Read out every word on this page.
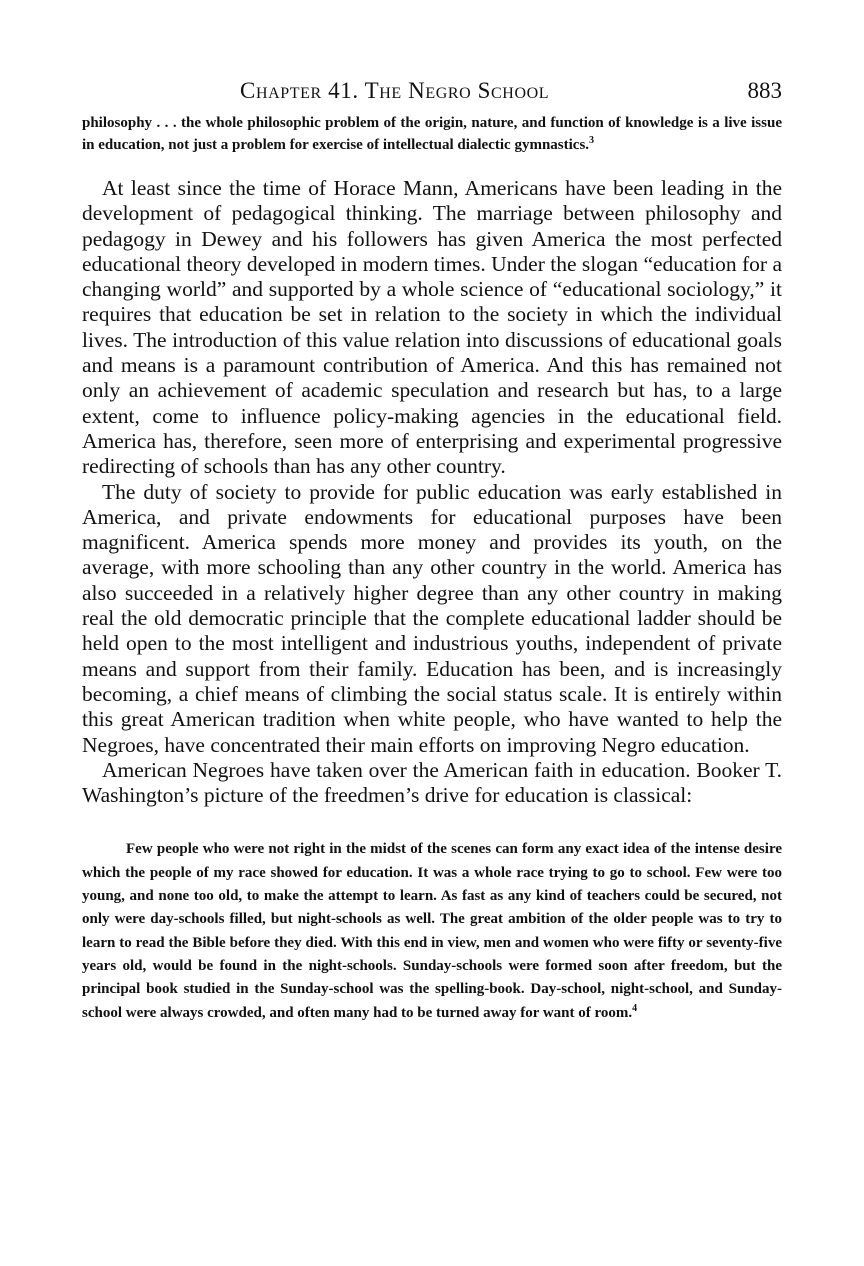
Chapter 41. The Negro School	883

philosophy . . . the whole philosophic problem of the origin, nature, and function of knowledge is a live issue in education, not just a problem for exercise of intellectual dialectic gymnastics.$^3$

At least since the time of Horace Mann, Americans have been leading in the development of pedagogical thinking. The marriage between philosophy and pedagogy in Dewey and his followers has given America the most perfected educational theory developed in modern times. Under the slogan “education for a changing world” and supported by a whole science of “educational sociology,” it requires that education be set in relation to the society in which the individual lives. The introduction of this value relation into discussions of educational goals and means is a paramount contribution of America. And this has remained not only an achievement of academic speculation and research but has, to a large extent, come to influence policy-making agencies in the educational field. America has, therefore, seen more of enterprising and experimental progressive redirecting of schools than has any other country.

The duty of society to provide for public education was early established in America, and private endowments for educational purposes have been magnificent. America spends more money and provides its youth, on the average, with more schooling than any other country in the world. America has also succeeded in a relatively higher degree than any other country in making real the old democratic principle that the complete educational ladder should be held open to the most intelligent and industrious youths, independent of private means and support from their family. Education has been, and is increasingly becoming, a chief means of climbing the social status scale. It is entirely within this great American tradition when white people, who have wanted to help the Negroes, have concentrated their main efforts on improving Negro education.

American Negroes have taken over the American faith in education. Booker T. Washington’s picture of the freedmen’s drive for education is classical:

Few people who were not right in the midst of the scenes can form any exact idea of the intense desire which the people of my race showed for education. It was a whole race trying to go to school. Few were too young, and none too old, to make the attempt to learn. As fast as any kind of teachers could be secured, not only were day-schools filled, but night-schools as well. The great ambition of the older people was to try to learn to read the Bible before they died. With this end in view, men and women who were fifty or seventy-five years old, would be found in the night-schools. Sunday-schools were formed soon after freedom, but the principal book studied in the Sunday-school was the spelling-book. Day-school, night-school, and Sunday-school were always crowded, and often many had to be turned away for want of room.$^4$
